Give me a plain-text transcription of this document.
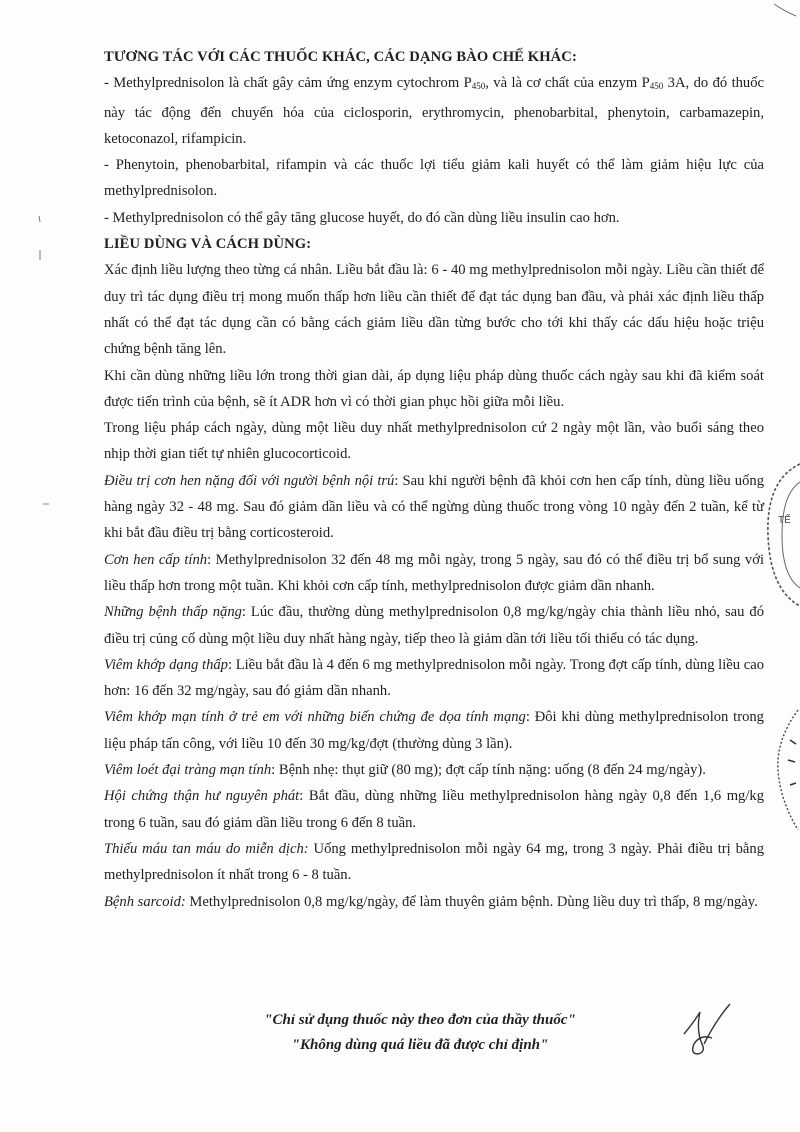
TƯƠNG TÁC VỚI CÁC THUỐC KHÁC, CÁC DẠNG BÀO CHẾ KHÁC:

- Methylprednisolon là chất gây cảm ứng enzym cytochrom $P_{450}$, và là cơ chất của enzym $P_{450}$ 3A, do đó thuốc này tác động đến chuyển hóa của ciclosporin, erythromycin, phenobarbital, phenytoin, carbamazepin, ketoconazol, rifampicin.

- Phenytoin, phenobarbital, rifampin và các thuốc lợi tiểu giảm kali huyết có thể làm giảm hiệu lực của methylprednisolon.

- Methylprednisolon có thể gây tăng glucose huyết, do đó cần dùng liều insulin cao hơn.

LIỀU DÙNG VÀ CÁCH DÙNG:

Xác định liều lượng theo từng cá nhân. Liều bắt đầu là: 6 - 40 mg methylprednisolon mỗi ngày. Liều cần thiết để duy trì tác dụng điều trị mong muốn thấp hơn liều cần thiết để đạt tác dụng ban đầu, và phải xác định liều thấp nhất có thể đạt tác dụng cần có bằng cách giảm liều dần từng bước cho tới khi thấy các dấu hiệu hoặc triệu chứng bệnh tăng lên.

Khi cần dùng những liều lớn trong thời gian dài, áp dụng liệu pháp dùng thuốc cách ngày sau khi đã kiểm soát được tiến trình của bệnh, sẽ ít ADR hơn vì có thời gian phục hồi giữa mỗi liều.

Trong liệu pháp cách ngày, dùng một liều duy nhất methylprednisolon cứ 2 ngày một lần, vào buổi sáng theo nhịp thời gian tiết tự nhiên glucocorticoid.

Điều trị cơn hen nặng đối với người bệnh nội trú: Sau khi người bệnh đã khỏi cơn hen cấp tính, dùng liều uống hàng ngày 32 - 48 mg. Sau đó giảm dần liều và có thể ngừng dùng thuốc trong vòng 10 ngày đến 2 tuần, kể từ khi bắt đầu điều trị bằng corticosteroid.

Cơn hen cấp tính: Methylprednisolon 32 đến 48 mg mỗi ngày, trong 5 ngày, sau đó có thể điều trị bổ sung với liều thấp hơn trong một tuần. Khi khỏi cơn cấp tính, methylprednisolon được giảm dần nhanh.

Những bệnh thấp nặng: Lúc đầu, thường dùng methylprednisolon 0,8 mg/kg/ngày chia thành liều nhỏ, sau đó điều trị củng cố dùng một liều duy nhất hàng ngày, tiếp theo là giảm dần tới liều tối thiểu có tác dụng.

Viêm khớp dạng thấp: Liều bắt đầu là 4 đến 6 mg methylprednisolon mỗi ngày. Trong đợt cấp tính, dùng liều cao hơn: 16 đến 32 mg/ngày, sau đó giảm dần nhanh.

Viêm khớp mạn tính ở trẻ em với những biến chứng đe dọa tính mạng: Đôi khi dùng methylprednisolon trong liệu pháp tấn công, với liều 10 đến 30 mg/kg/đợt (thường dùng 3 lần).

Viêm loét đại tràng mạn tính: Bệnh nhẹ: thụt giữ (80 mg); đợt cấp tính nặng: uống (8 đến 24 mg/ngày).

Hội chứng thận hư nguyên phát: Bắt đầu, dùng những liều methylprednisolon hàng ngày 0,8 đến 1,6 mg/kg trong 6 tuần, sau đó giảm dần liều trong 6 đến 8 tuần.

Thiếu máu tan máu do miễn dịch: Uống methylprednisolon mỗi ngày 64 mg, trong 3 ngày. Phải điều trị bằng methylprednisolon ít nhất trong 6 - 8 tuần.

Bệnh sarcoid: Methylprednisolon 0,8 mg/kg/ngày, để làm thuyên giảm bệnh. Dùng liều duy trì thấp, 8 mg/ngày.

"Chỉ sử dụng thuốc này theo đơn của thầy thuốc"

"Không dùng quá liều đã được chỉ định"

TẾ
